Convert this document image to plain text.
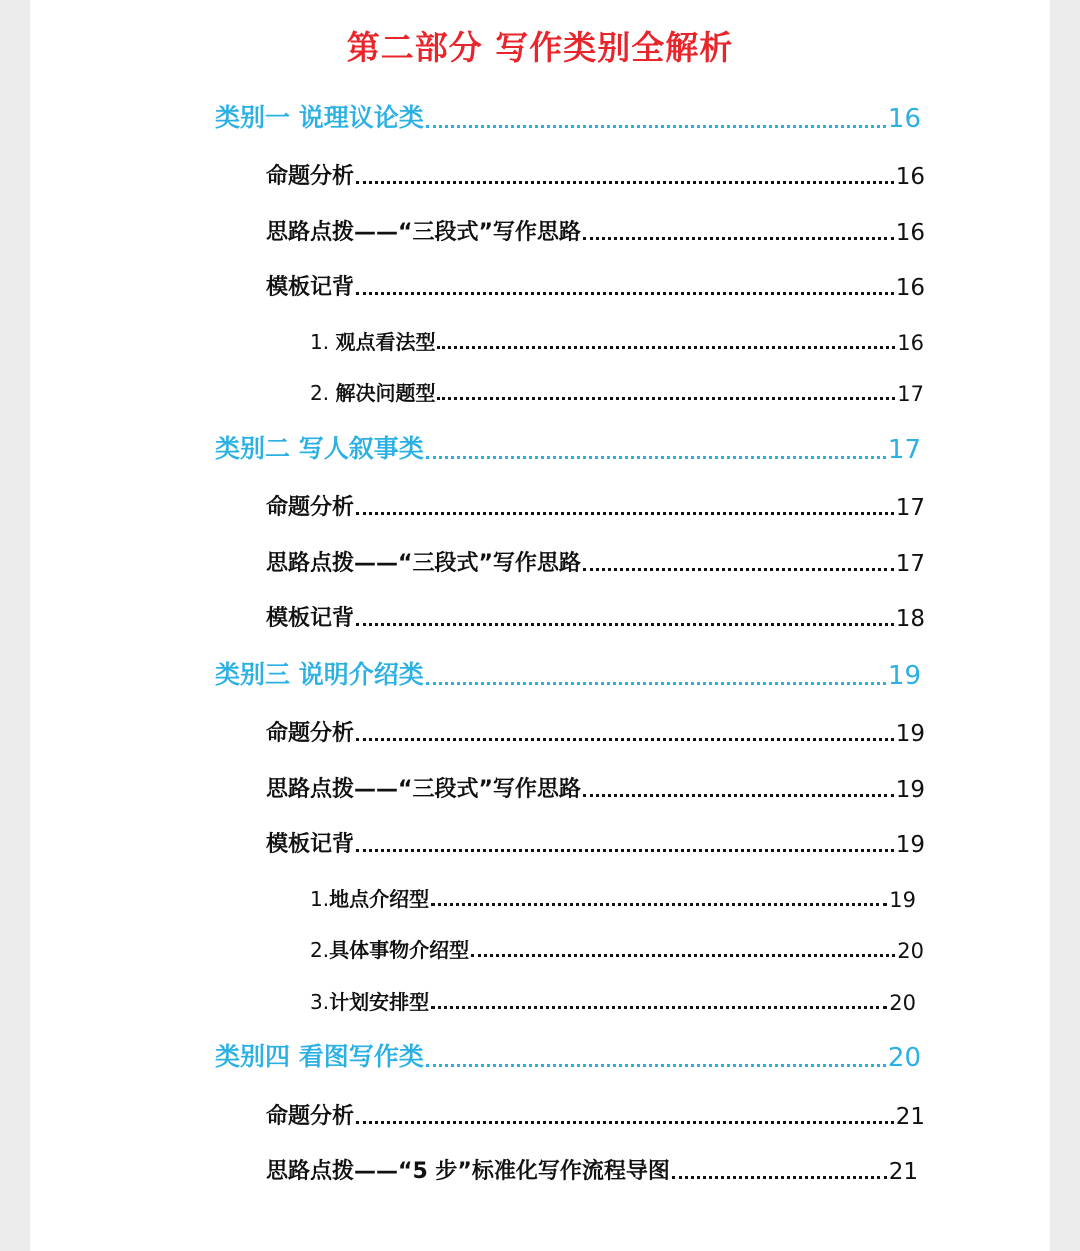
第二部分 写作类别全解析
类别一 说理议论类	16
命题分析	16
思路点拨——“三段式”写作思路	16
模板记背	16
1. 观点看法型	16
2. 解决问题型	17
类别二 写人叙事类	17
命题分析	17
思路点拨——“三段式”写作思路	17
模板记背	18
类别三 说明介绍类	19
命题分析	19
思路点拨——“三段式”写作思路	19
模板记背	19
1.地点介绍型	19
2.具体事物介绍型	20
3.计划安排型	20
类别四 看图写作类	20
命题分析	21
思路点拨——“5 步”标准化写作流程导图	21
